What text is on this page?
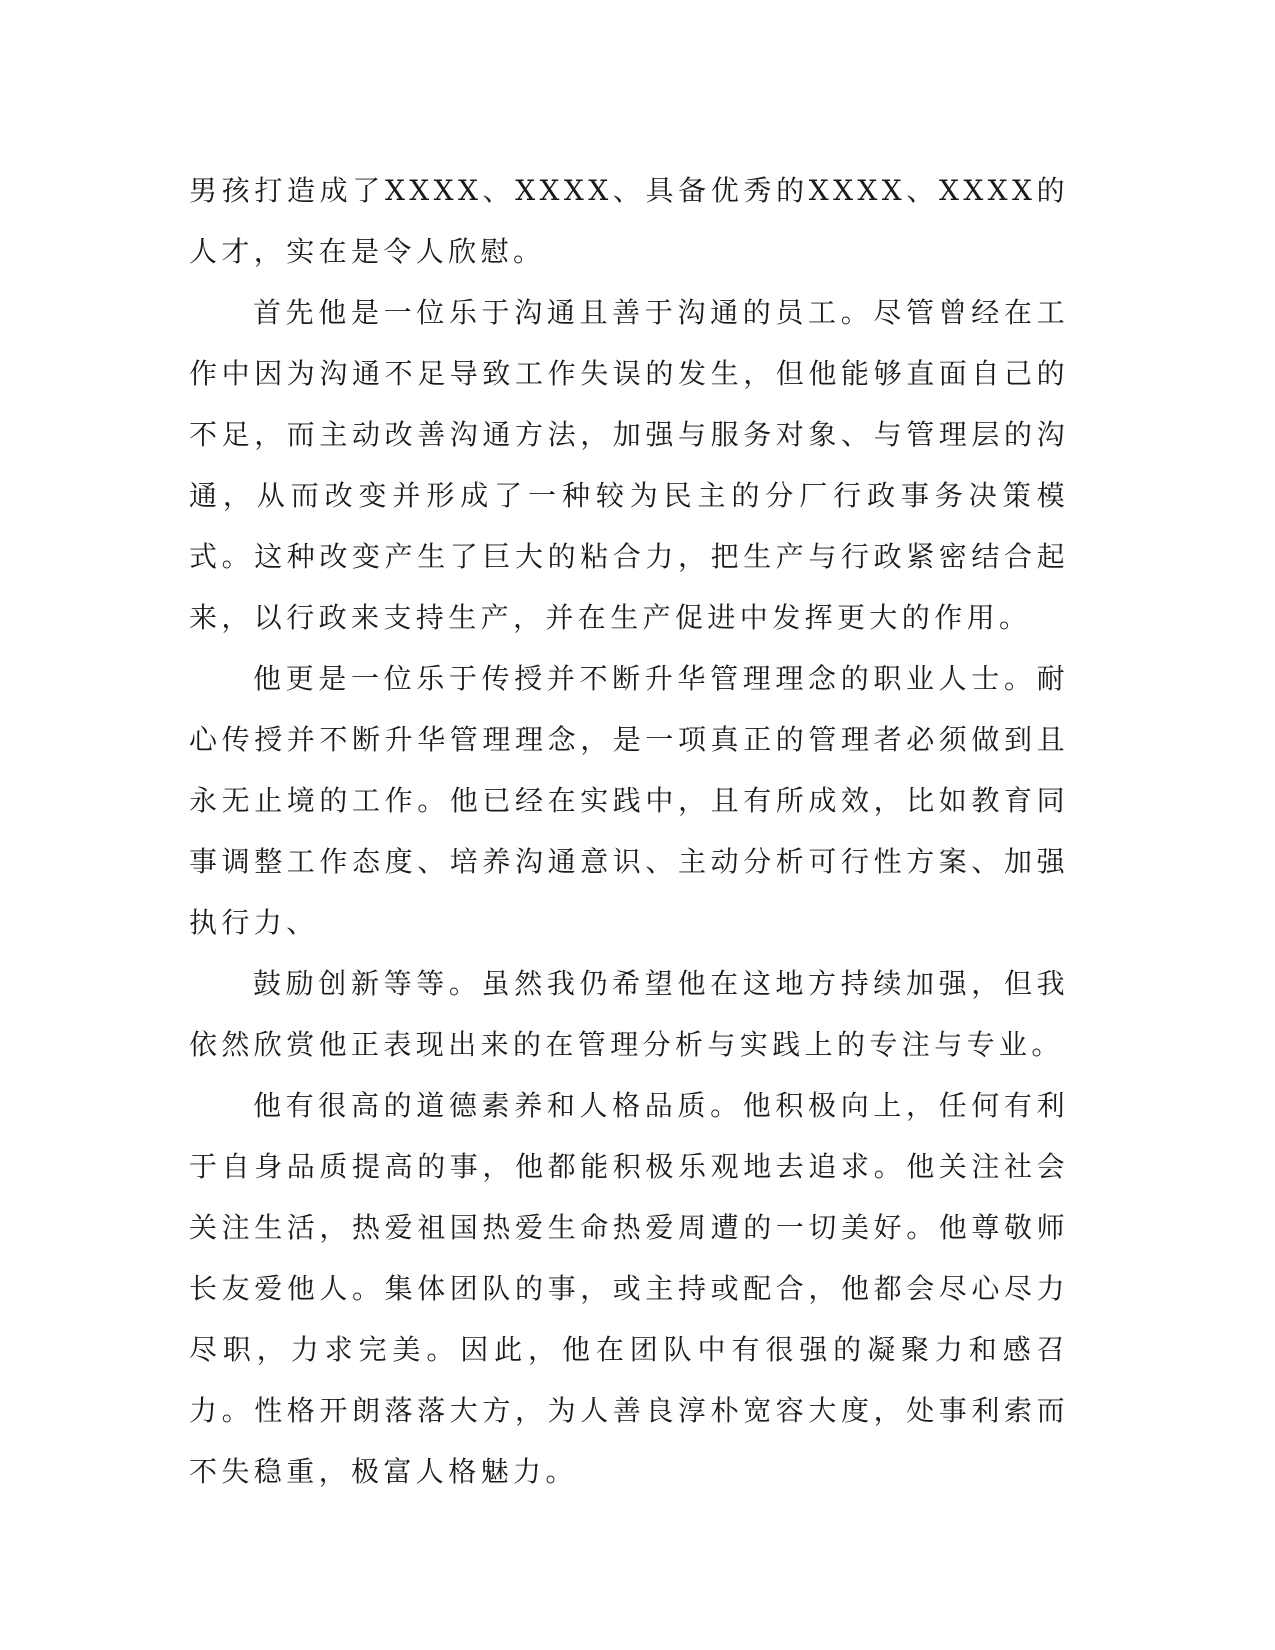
男孩打造成了XXXX、XXXX、具备优秀的XXXX、XXXX的人才，实在是令人欣慰。

首先他是一位乐于沟通且善于沟通的员工。尽管曾经在工作中因为沟通不足导致工作失误的发生，但他能够直面自己的不足，而主动改善沟通方法，加强与服务对象、与管理层的沟通，从而改变并形成了一种较为民主的分厂行政事务决策模式。这种改变产生了巨大的粘合力，把生产与行政紧密结合起来，以行政来支持生产，并在生产促进中发挥更大的作用。

他更是一位乐于传授并不断升华管理理念的职业人士。耐心传授并不断升华管理理念，是一项真正的管理者必须做到且永无止境的工作。他已经在实践中，且有所成效，比如教育同事调整工作态度、培养沟通意识、主动分析可行性方案、加强执行力、

鼓励创新等等。虽然我仍希望他在这地方持续加强，但我依然欣赏他正表现出来的在管理分析与实践上的专注与专业。

他有很高的道德素养和人格品质。他积极向上，任何有利于自身品质提高的事，他都能积极乐观地去追求。他关注社会关注生活，热爱祖国热爱生命热爱周遭的一切美好。他尊敬师长友爱他人。集体团队的事，或主持或配合，他都会尽心尽力尽职，力求完美。因此，他在团队中有很强的凝聚力和感召力。性格开朗落落大方，为人善良淳朴宽容大度，处事利索而不失稳重，极富人格魅力。
